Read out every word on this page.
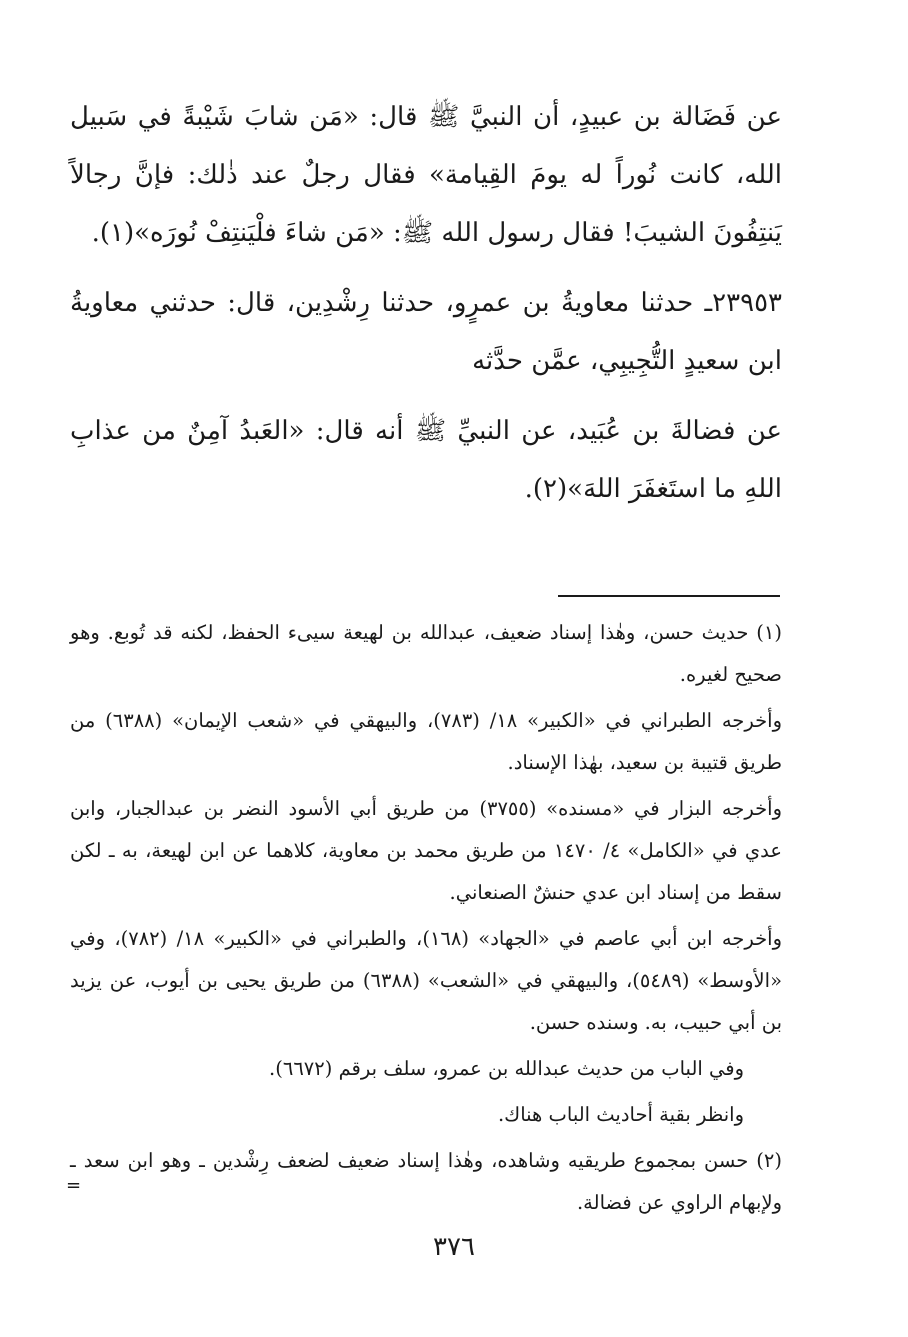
عن فَضَالة بن عبيدٍ، أن النبيَّ ﷺ قال: «مَن شابَ شَيْبةً في سَبيل الله، كانت نُوراً له يومَ القِيامة» فقال رجلٌ عند ذٰلك: فإنَّ رجالاً يَنتِفُونَ الشيبَ! فقال رسول الله ﷺ: «مَن شاءَ فلْيَنتِفْ نُورَه»(١).

٢٣٩٥٣ـ حدثنا معاويةُ بن عمرٍو، حدثنا رِشْدِين، قال: حدثني معاويةُ ابن سعيدٍ التُّجِيبِي، عمَّن حدَّثه

عن فضالةَ بن عُبَيد، عن النبيِّ ﷺ أنه قال: «العَبدُ آمِنٌ من عذابِ اللهِ ما استَغفَرَ اللهَ»(٢).

(١) حديث حسن، وهٰذا إسناد ضعيف، عبدالله بن لهيعة سيىء الحفظ، لكنه قد تُوبع. وهو صحيح لغيره.

وأخرجه الطبراني في «الكبير» ١٨/ (٧٨٣)، والبيهقي في «شعب الإيمان» (٦٣٨٨) من طريق قتيبة بن سعيد، بهٰذا الإسناد.

وأخرجه البزار في «مسنده» (٣٧٥٥) من طريق أبي الأسود النضر بن عبدالجبار، وابن عدي في «الكامل» ٤/ ١٤٧٠ من طريق محمد بن معاوية، كلاهما عن ابن لهيعة، به ـ لكن سقط من إسناد ابن عدي حنشٌ الصنعاني.

وأخرجه ابن أبي عاصم في «الجهاد» (١٦٨)، والطبراني في «الكبير» ١٨/ (٧٨٢)، وفي «الأوسط» (٥٤٨٩)، والبيهقي في «الشعب» (٦٣٨٨) من طريق يحيى بن أيوب، عن يزيد بن أبي حبيب، به. وسنده حسن.

وفي الباب من حديث عبدالله بن عمرو، سلف برقم (٦٦٧٢).

وانظر بقية أحاديث الباب هناك.

(٢) حسن بمجموع طريقيه وشاهده، وهٰذا إسناد ضعيف لضعف رِشْدين ـ وهو ابن سعد ـ ولإبهام الراوي عن فضالة.

=
٣٧٦
